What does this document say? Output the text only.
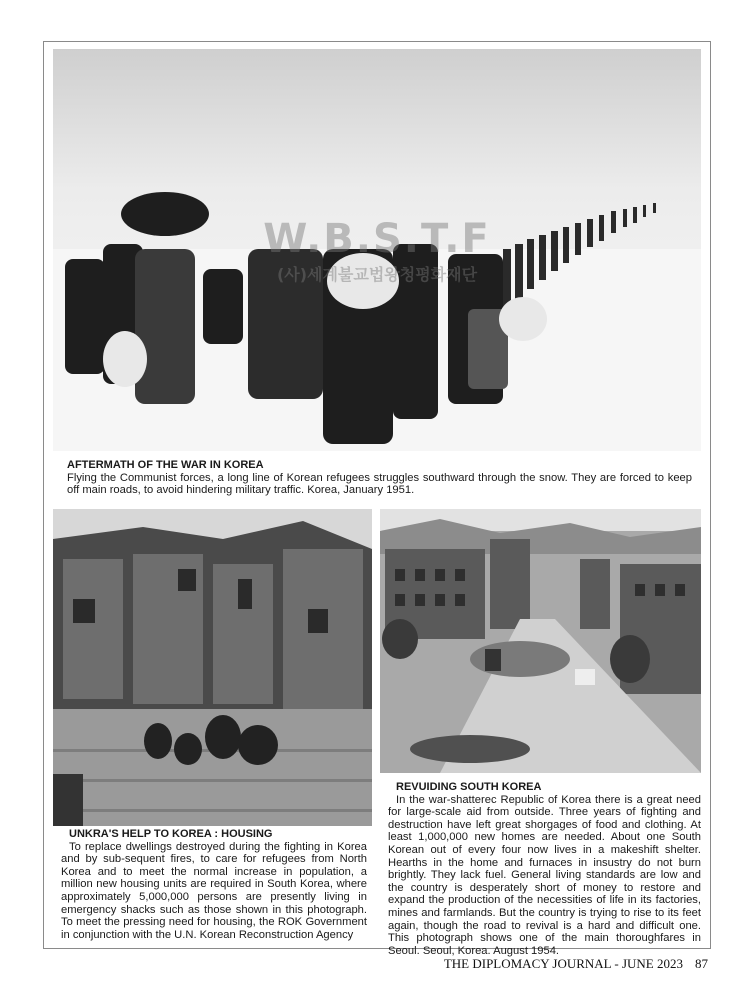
W.B.S.T.F
(사)세계불교법왕청평화재단
AFTERMATH OF THE WAR IN KOREA
Flying the Communist forces, a long line of Korean refugees struggles southward through the snow. They are forced to keep off main roads, to avoid hindering military traffic. Korea, January 1951.
UNKRA'S HELP TO KOREA : HOUSING
To replace dwellings destroyed during the fighting in Korea and by sub-sequent fires, to care for refugees from North Korea and to meet the normal increase in population, a million new housing units are required in South Korea, where approximately 5,000,000 persons are presently living in emergency shacks such as those shown in this photograph. To meet the pressing need for housing, the ROK Government in conjunction with the U.N. Korean Reconstruction Agency
REVUIDING SOUTH KOREA
In the war-shatterec Republic of Korea there is a great need for large-scale aid from outside. Three years of fighting and destruction have left great shorgages of food and clothing. At least 1,000,000 new homes are needed. About one South Korean out of every four now lives in a makeshift shelter. Hearths in the home and furnaces in insustry do not burn brightly. They lack fuel. General living standards are low and the country is desperately short of money to restore and expand the production of the necessities of life in its factories, mines and farmlands. But the country is trying to rise to its feet again, though the road to revival is a hard and difficult one. This photograph shows one of the main thoroughfares in Seoul. Seoul, Korea. August 1954.
THE DIPLOMACY JOURNAL - JUNE 2023 87
